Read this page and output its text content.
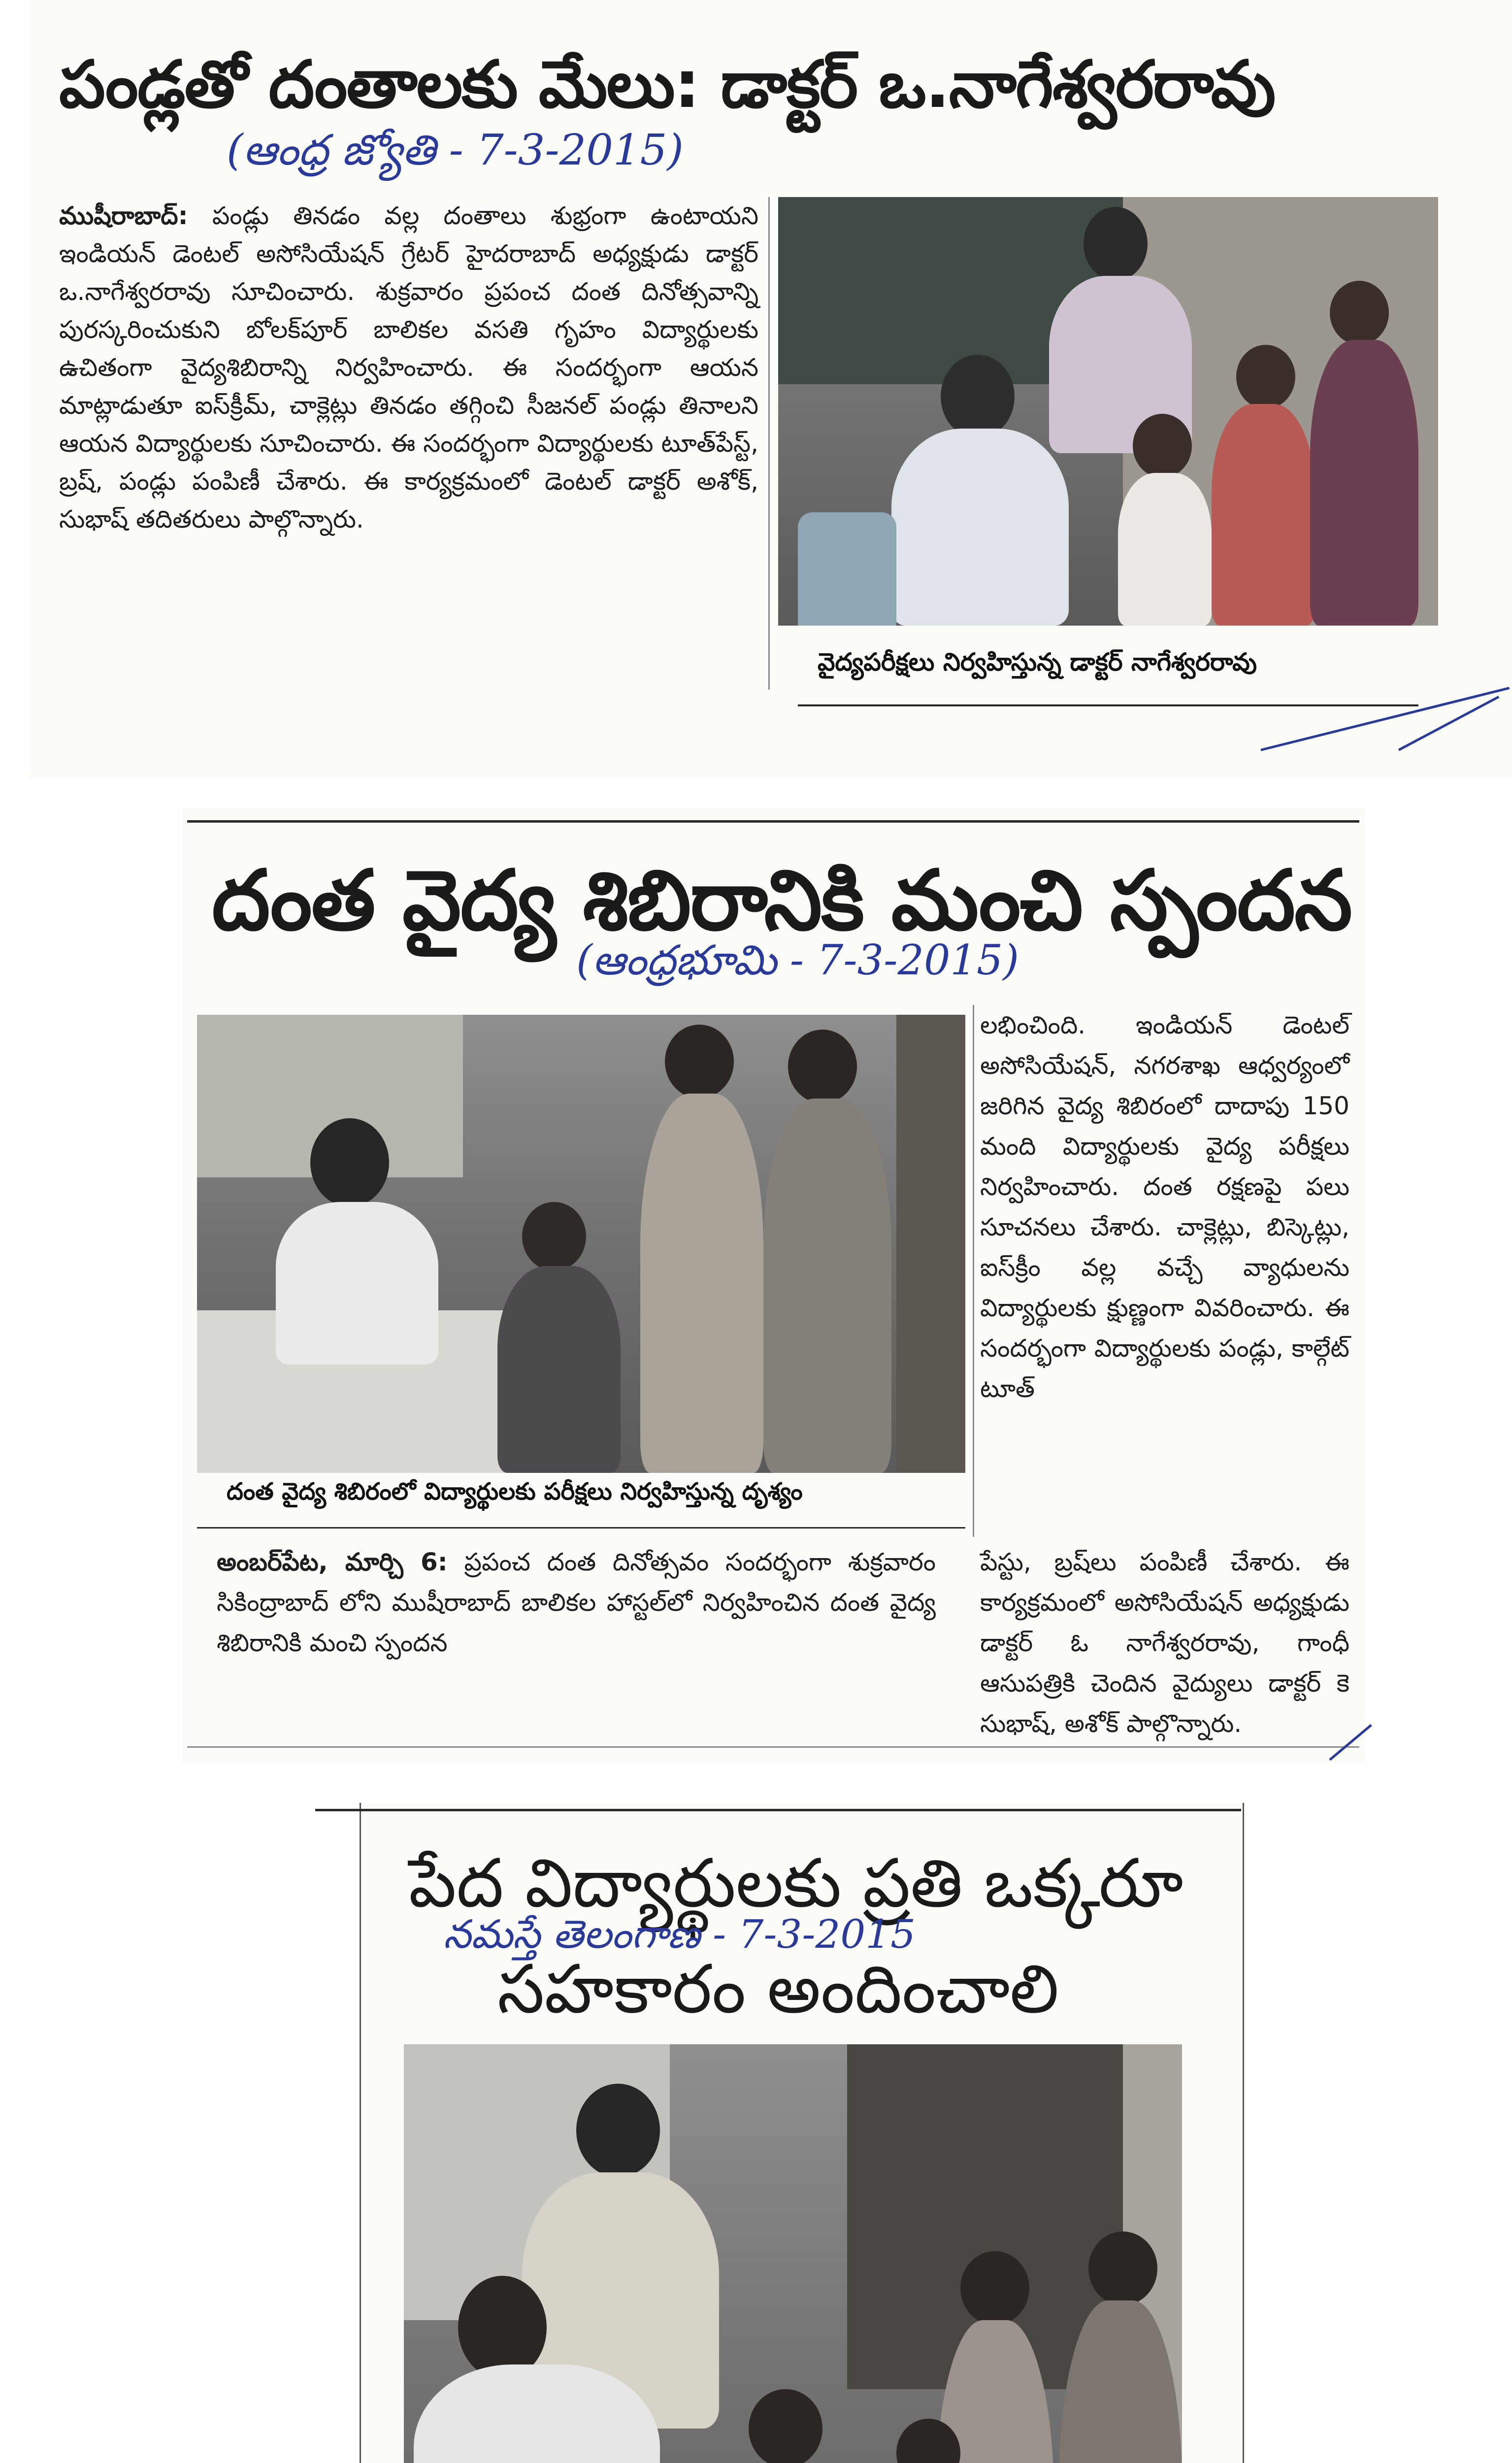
పండ్లతో దంతాలకు మేలు: డాక్టర్ ఒ.నాగేశ్వరరావు
(ఆంధ్ర జ్యోతి - 7-3-2015)
ముషీరాబాద్: పండ్లు తినడం వల్ల దంతాలు శుభ్రంగా ఉంటాయని ఇండియన్ డెంటల్ అసోసియేషన్ గ్రేటర్ హైదరాబాద్ అధ్యక్షుడు డాక్టర్ ఒ.నాగేశ్వరరావు సూచించారు. శుక్రవారం ప్రపంచ దంత దినోత్సవాన్ని పురస్కరించుకుని బోలక్‌పూర్ బాలికల వసతి గృహం విద్యార్థులకు ఉచితంగా వైద్యశిబిరాన్ని నిర్వహించారు. ఈ సందర్భంగా ఆయన మాట్లాడుతూ ఐస్‌క్రీమ్, చాక్లెట్లు తినడం తగ్గించి సీజనల్ పండ్లు తినాలని ఆయన విద్యార్థులకు సూచించారు. ఈ సందర్భంగా విద్యార్థులకు టూత్‌పేస్ట్, బ్రష్, పండ్లు పంపిణీ చేశారు. ఈ కార్యక్రమంలో డెంటల్ డాక్టర్ అశోక్, సుభాష్ తదితరులు పాల్గొన్నారు.
వైద్యపరీక్షలు నిర్వహిస్తున్న డాక్టర్ నాగేశ్వరరావు
దంత వైద్య శిబిరానికి మంచి స్పందన
(ఆంధ్రభూమి - 7-3-2015)
దంత వైద్య శిబిరంలో విద్యార్థులకు పరీక్షలు నిర్వహిస్తున్న దృశ్యం
లభించింది. ఇండియన్ డెంటల్ అసోసియేషన్, నగరశాఖ ఆధ్వర్యంలో జరిగిన వైద్య శిబిరంలో దాదాపు 150 మంది విద్యార్థులకు వైద్య పరీక్షలు నిర్వహించారు. దంత రక్షణపై పలు సూచనలు చేశారు. చాక్లెట్లు, బిస్కెట్లు, ఐస్‌క్రీం వల్ల వచ్చే వ్యాధులను విద్యార్థులకు క్షుణ్ణంగా వివరించారు. ఈ సందర్భంగా విద్యార్థులకు పండ్లు, కాల్గేట్ టూత్
అంబర్‌పేట, మార్చి 6: ప్రపంచ దంత దినోత్సవం సందర్భంగా శుక్రవారం సికింద్రాబాద్ లోని ముషీరాబాద్ బాలికల హాస్టల్‌లో నిర్వహించిన దంత వైద్య శిబిరానికి మంచి స్పందన
పేస్టు, బ్రష్‌లు పంపిణీ చేశారు. ఈ కార్యక్రమంలో అసోసియేషన్ అధ్యక్షుడు డాక్టర్ ఓ నాగేశ్వరరావు, గాంధీ ఆసుపత్రికి చెందిన వైద్యులు డాక్టర్ కె సుభాష్, అశోక్ పాల్గొన్నారు.
పేద విద్యార్థులకు ప్రతి ఒక్కరూ
నమస్తే తెలంగాణ - 7-3-2015
సహకారం అందించాలి
